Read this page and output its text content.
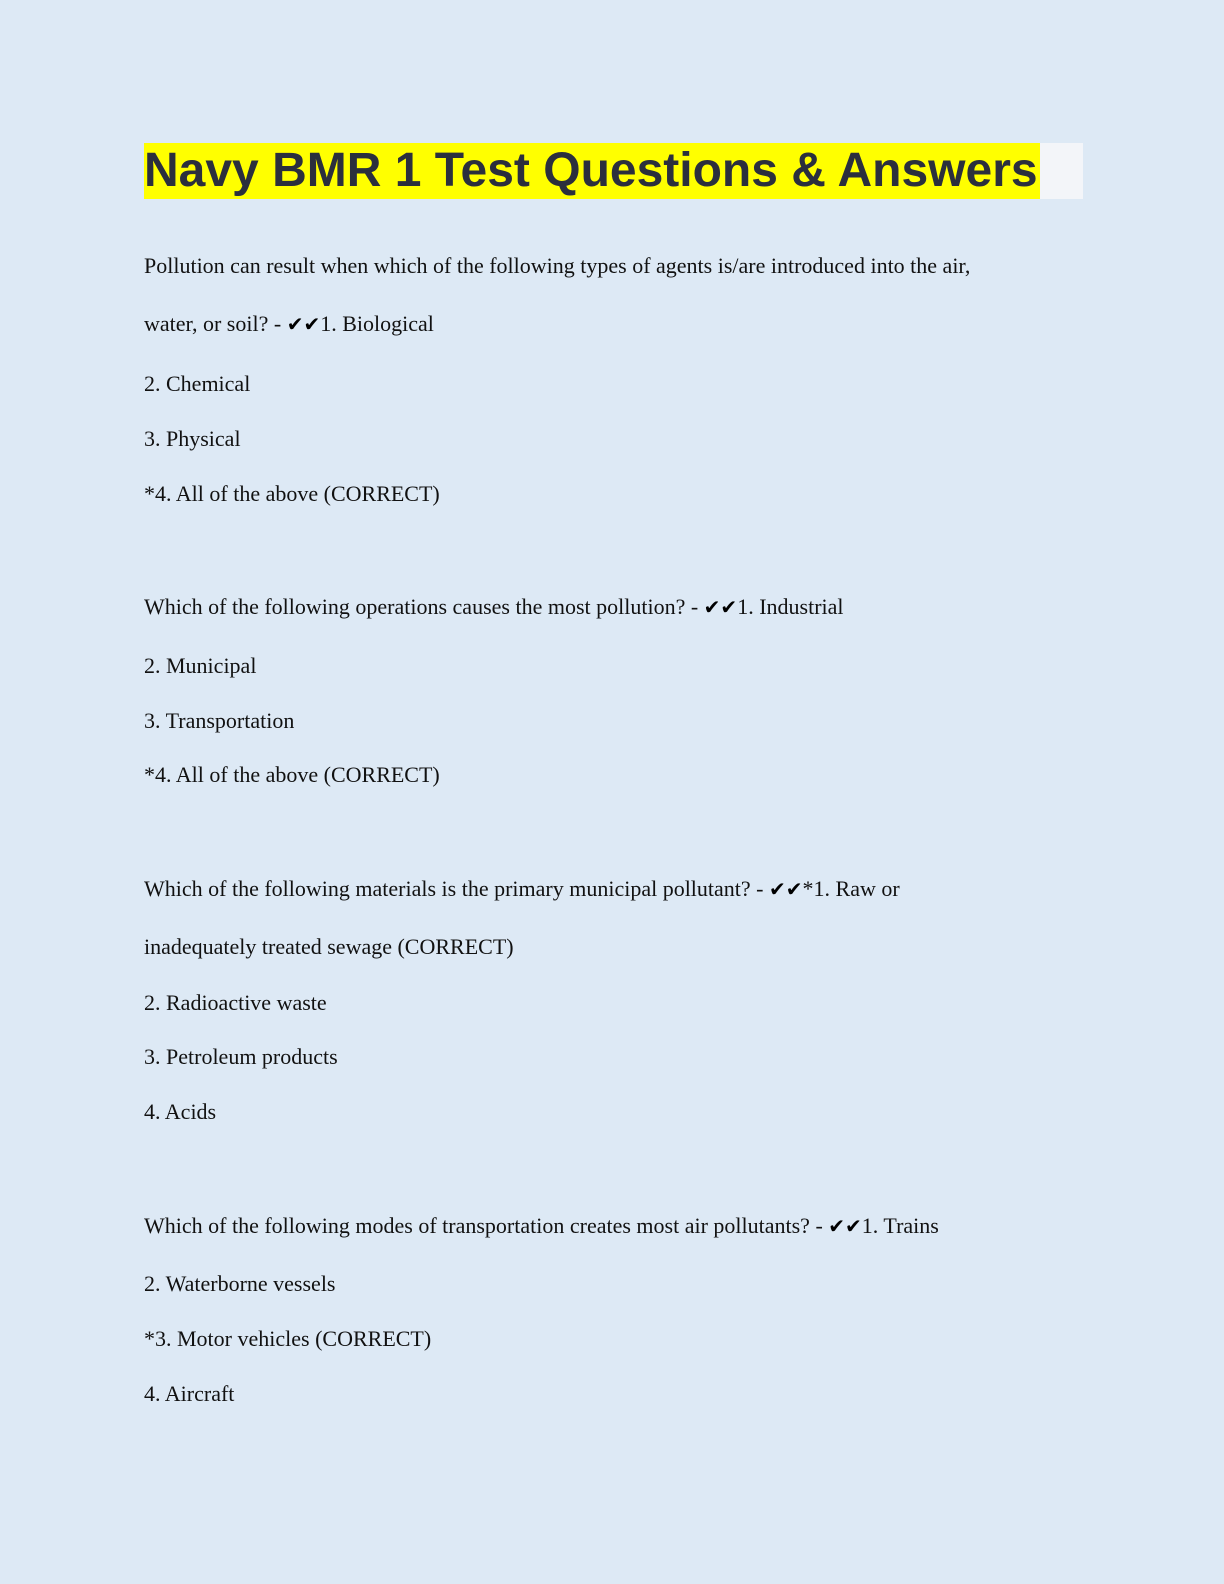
Navy BMR 1 Test Questions & Answers
Pollution can result when which of the following types of agents is/are introduced into the air,
water, or soil? - ✔✔1. Biological
2. Chemical
3. Physical
*4. All of the above (CORRECT)
Which of the following operations causes the most pollution? - ✔✔1. Industrial
2. Municipal
3. Transportation
*4. All of the above (CORRECT)
Which of the following materials is the primary municipal pollutant? - ✔✔*1. Raw or
inadequately treated sewage (CORRECT)
2. Radioactive waste
3. Petroleum products
4. Acids
Which of the following modes of transportation creates most air pollutants? - ✔✔1. Trains
2. Waterborne vessels
*3. Motor vehicles (CORRECT)
4. Aircraft
